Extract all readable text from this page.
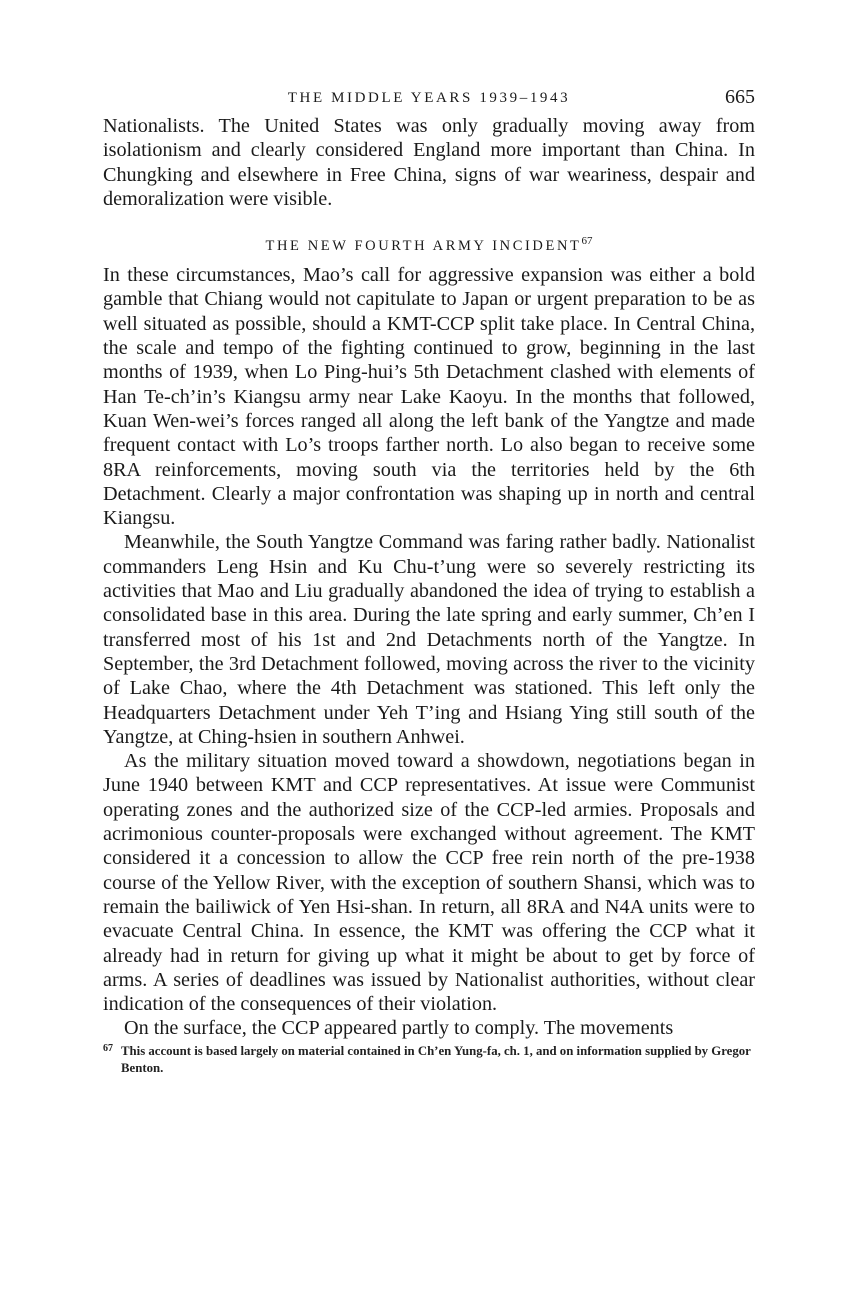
THE MIDDLE YEARS 1939–1943	665

Nationalists. The United States was only gradually moving away from isolationism and clearly considered England more important than China. In Chungking and elsewhere in Free China, signs of war weariness, despair and demoralization were visible.

THE NEW FOURTH ARMY INCIDENT$^{67}$

In these circumstances, Mao’s call for aggressive expansion was either a bold gamble that Chiang would not capitulate to Japan or urgent preparation to be as well situated as possible, should a KMT-CCP split take place. In Central China, the scale and tempo of the fighting continued to grow, beginning in the last months of 1939, when Lo Ping-hui’s 5th Detachment clashed with elements of Han Te-ch’in’s Kiangsu army near Lake Kaoyu. In the months that followed, Kuan Wen-wei’s forces ranged all along the left bank of the Yangtze and made frequent contact with Lo’s troops farther north. Lo also began to receive some 8RA reinforcements, moving south via the territories held by the 6th Detachment. Clearly a major confrontation was shaping up in north and central Kiangsu.

Meanwhile, the South Yangtze Command was faring rather badly. Nationalist commanders Leng Hsin and Ku Chu-t’ung were so severely restricting its activities that Mao and Liu gradually abandoned the idea of trying to establish a consolidated base in this area. During the late spring and early summer, Ch’en I transferred most of his 1st and 2nd Detachments north of the Yangtze. In September, the 3rd Detachment followed, moving across the river to the vicinity of Lake Chao, where the 4th Detachment was stationed. This left only the Headquarters Detachment under Yeh T’ing and Hsiang Ying still south of the Yangtze, at Ching-hsien in southern Anhwei.

As the military situation moved toward a showdown, negotiations began in June 1940 between KMT and CCP representatives. At issue were Communist operating zones and the authorized size of the CCP-led armies. Proposals and acrimonious counter-proposals were exchanged without agreement. The KMT considered it a concession to allow the CCP free rein north of the pre-1938 course of the Yellow River, with the exception of southern Shansi, which was to remain the bailiwick of Yen Hsi-shan. In return, all 8RA and N4A units were to evacuate Central China. In essence, the KMT was offering the CCP what it already had in return for giving up what it might be about to get by force of arms. A series of deadlines was issued by Nationalist authorities, without clear indication of the consequences of their violation.

On the surface, the CCP appeared partly to comply. The movements

67 This account is based largely on material contained in Ch’en Yung-fa, ch. 1, and on information supplied by Gregor Benton.
